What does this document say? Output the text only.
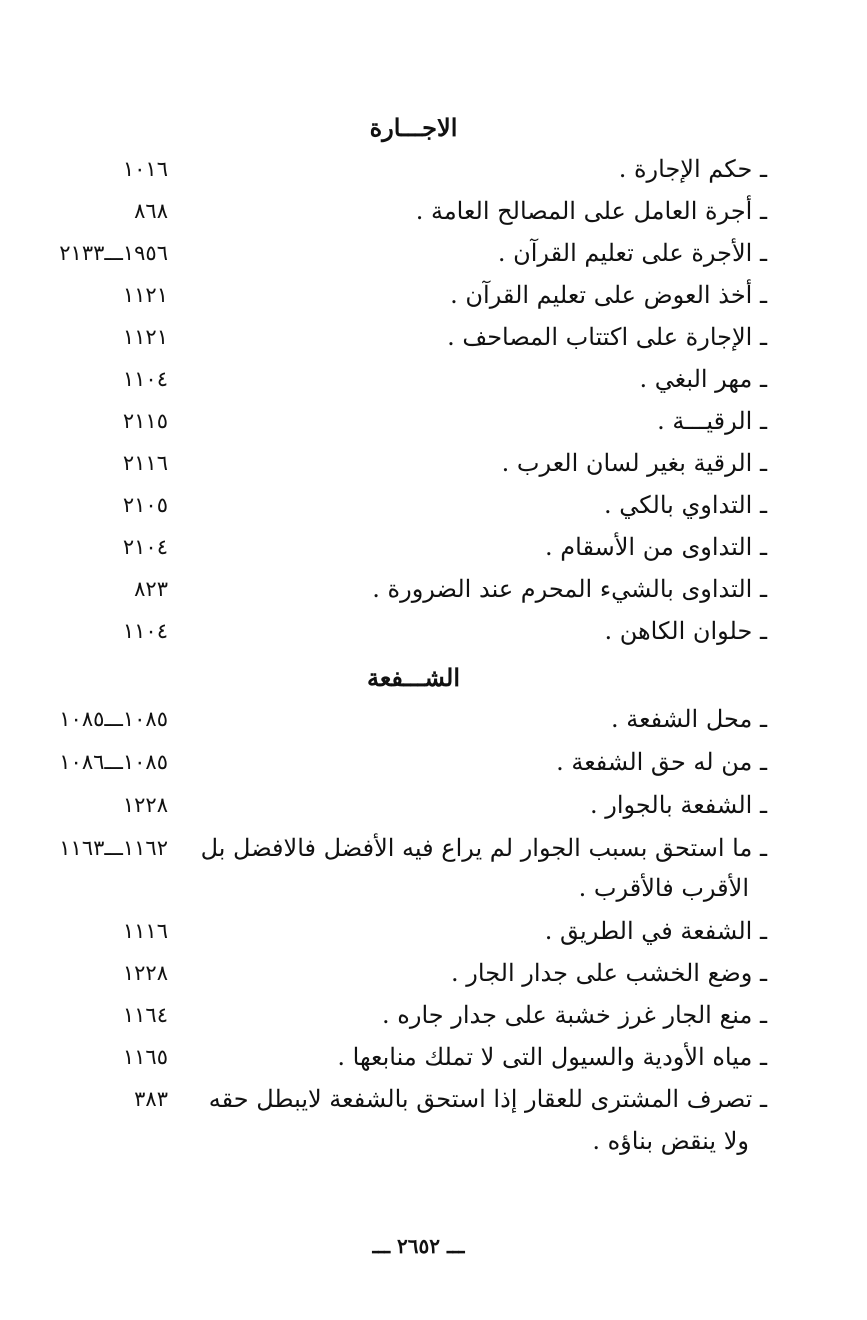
الاجـــارة
ـ حكم الإجارة .
١٠١٦
ـ أجرة العامل على المصالح العامة .
٨٦٨
ـ الأجرة على تعليم القرآن .
١٩٥٦ـــ٢١٣٣
ـ أخذ العوض على تعليم القرآن .
١١٢١
ـ الإجارة على اكتتاب المصاحف .
١١٢١
ـ مهر البغي .
١١٠٤
ـ الرقيـــة .
٢١١٥
ـ الرقية بغير لسان العرب .
٢١١٦
ـ التداوي بالكي .
٢١٠٥
ـ التداوى من الأسقام .
٢١٠٤
ـ التداوى بالشيء المحرم عند الضرورة .
٨٢٣
ـ حلوان الكاهن .
١١٠٤
الشـــفعة
ـ محل الشفعة .
١٠٨٥ـــ١٠٨٥
ـ من له حق الشفعة .
١٠٨٥ـــ١٠٨٦
ـ الشفعة بالجوار .
١٢٢٨
ـ ما استحق بسبب الجوار لم يراع فيه الأفضل فالافضل بل
١١٦٢ـــ١١٦٣
الأقرب فالأقرب .
ـ الشفعة في الطريق .
١١١٦
ـ وضع الخشب على جدار الجار .
١٢٢٨
ـ منع الجار غرز خشبة على جدار جاره .
١١٦٤
ـ مياه الأودية والسيول التى لا تملك منابعها .
١١٦٥
ـ تصرف المشترى للعقار إذا استحق بالشفعة لايبطل حقه
٣٨٣
ولا ينقض بناؤه .
ـــ ٢٦٥٢ ـــ
